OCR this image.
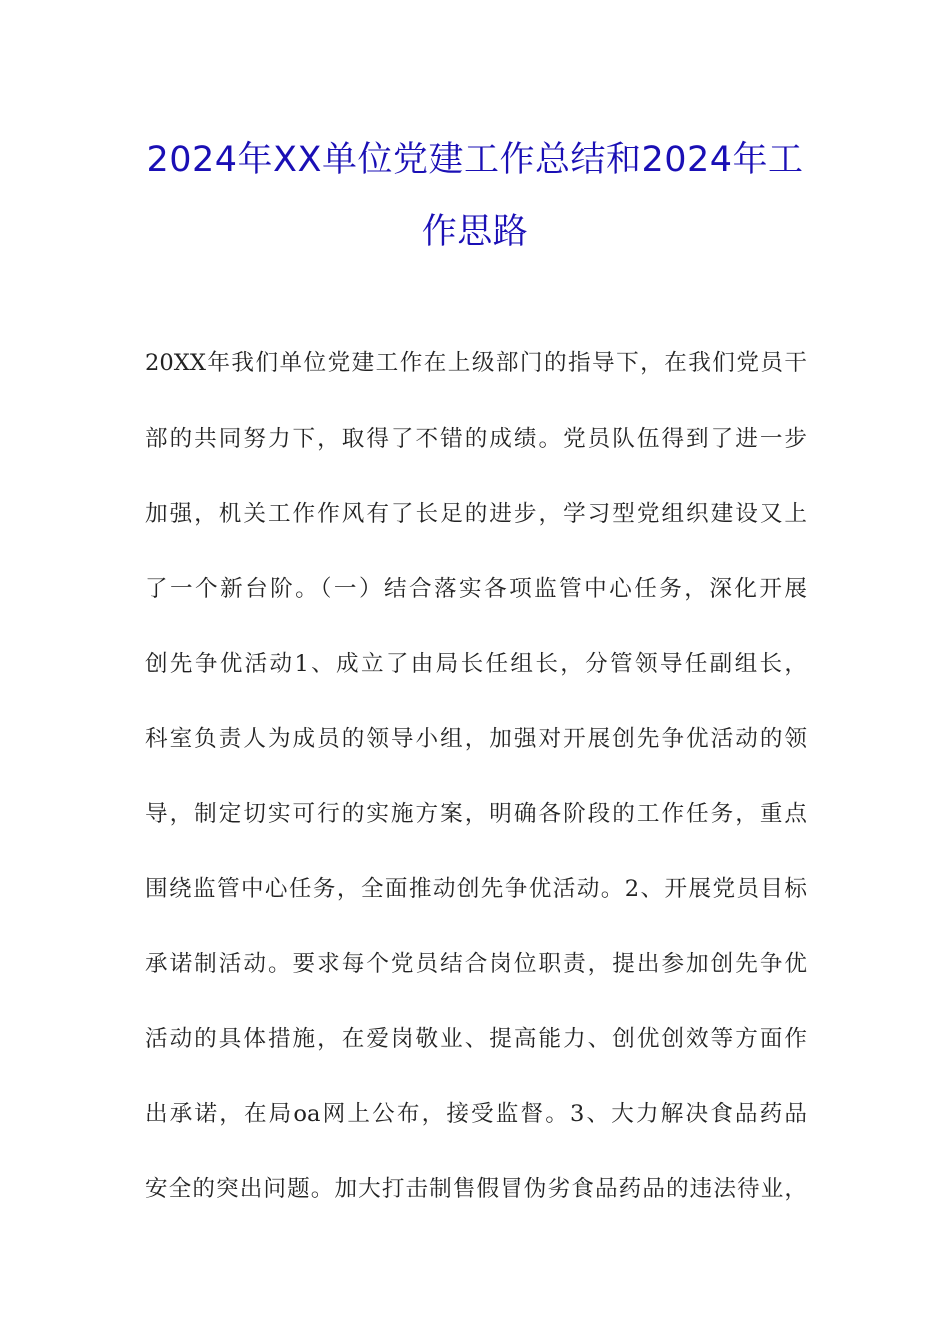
2024年XX单位党建工作总结和2024年工
作思路
20XX年我们单位党建工作在上级部门的指导下，在我们党员干
部的共同努力下，取得了不错的成绩。党员队伍得到了进一步
加强，机关工作作风有了长足的进步，学习型党组织建设又上
了一个新台阶。（一）结合落实各项监管中心任务，深化开展
创先争优活动1、成立了由局长任组长，分管领导任副组长，
科室负责人为成员的领导小组，加强对开展创先争优活动的领
导，制定切实可行的实施方案，明确各阶段的工作任务，重点
围绕监管中心任务，全面推动创先争优活动。2、开展党员目标
承诺制活动。要求每个党员结合岗位职责，提出参加创先争优
活动的具体措施，在爱岗敬业、提高能力、创优创效等方面作
出承诺，在局oa网上公布，接受监督。3、大力解决食品药品
安全的突出问题。加大打击制售假冒伪劣食品药品的违法待业，
